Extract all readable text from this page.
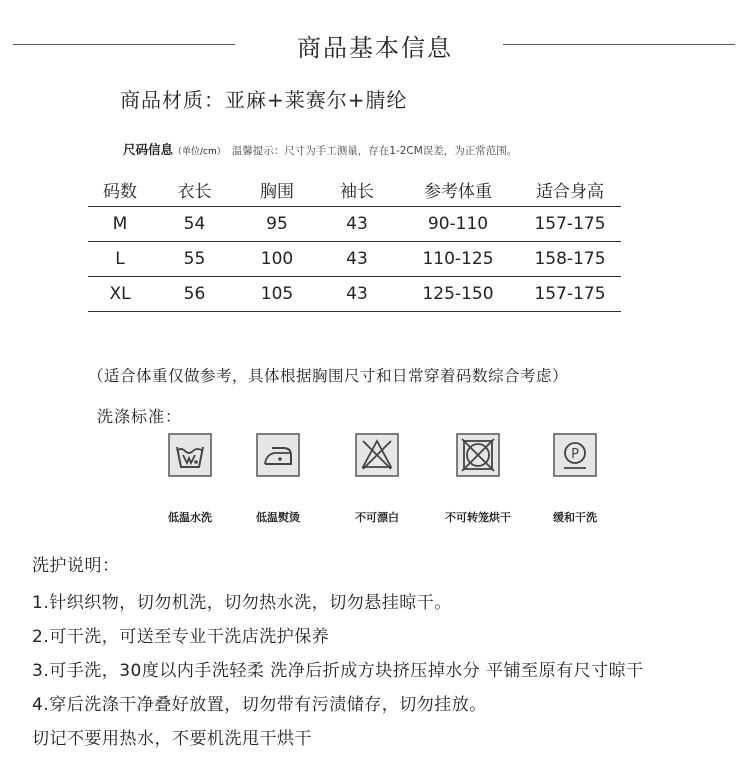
商品基本信息
商品材质：亚麻+莱赛尔+腈纶
尺码信息（单位/cm） 温馨提示：尺寸为手工测量，存在1-2CM误差，为正常范围。
码数	衣长	胸围	袖长	参考体重	适合身高
M	54	95	43	90-110	157-175
L	55	100	43	110-125	158-175
XL	56	105	43	125-150	157-175
（适合体重仅做参考，具体根据胸围尺寸和日常穿着码数综合考虑）
洗涤标准：
低温水洗	低温熨烫	不可漂白	不可转笼烘干
P
缓和干洗
洗护说明：
1.针织织物，切勿机洗，切勿热水洗，切勿悬挂晾干。
2.可干洗，可送至专业干洗店洗护保养
3.可手洗，30度以内手洗轻柔 洗净后折成方块挤压掉水分 平铺至原有尺寸晾干
4.穿后洗涤干净叠好放置，切勿带有污渍储存，切勿挂放。
切记不要用热水，不要机洗甩干烘干
